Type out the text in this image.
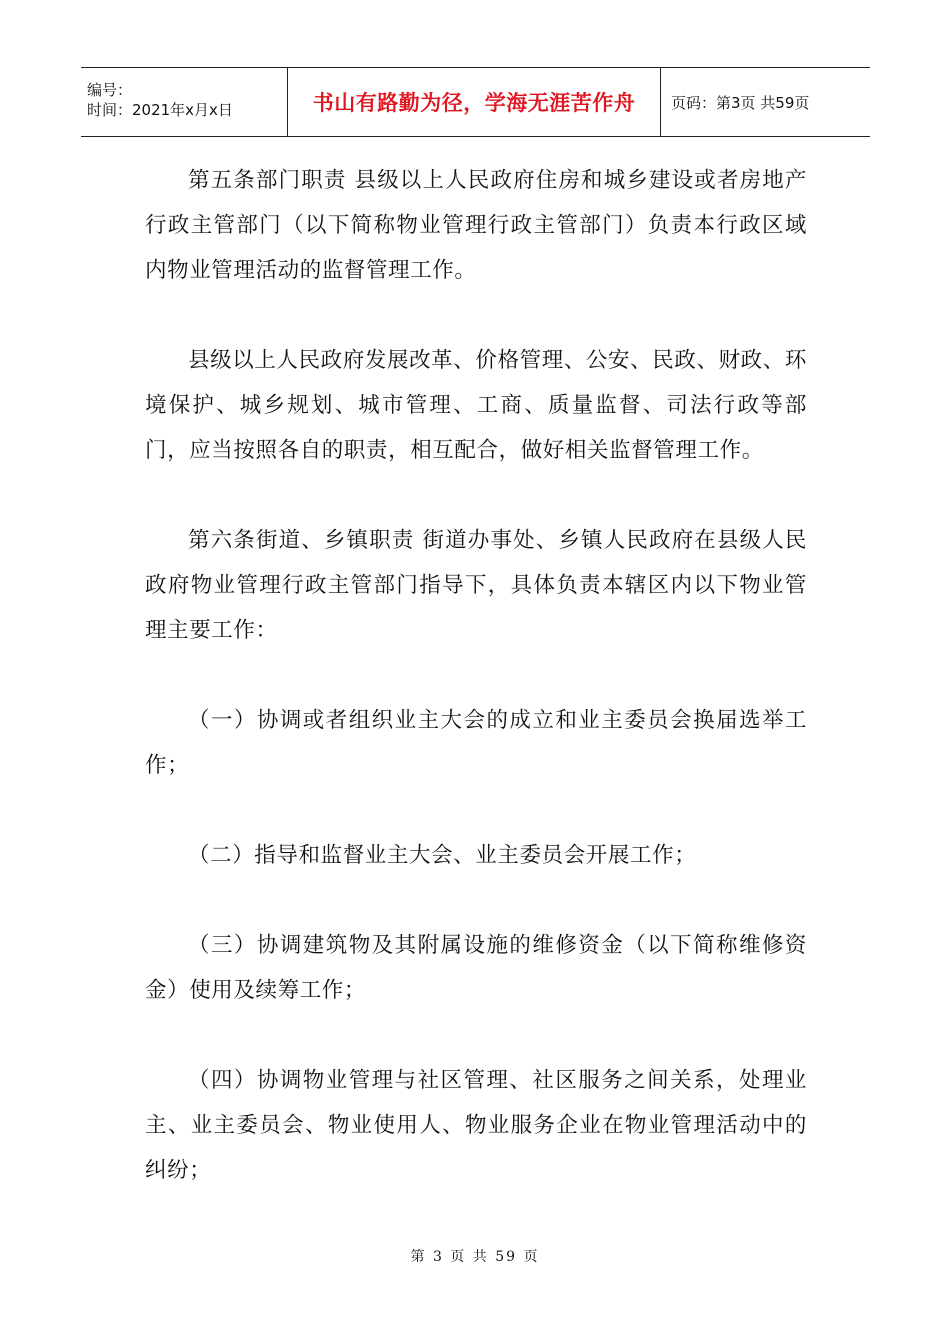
编号：
时间：2021年x月x日	书山有路勤为径，学海无涯苦作舟	页码：第3页 共59页

第五条部门职责 县级以上人民政府住房和城乡建设或者房地产行政主管部门（以下简称物业管理行政主管部门）负责本行政区域内物业管理活动的监督管理工作。

县级以上人民政府发展改革、价格管理、公安、民政、财政、环境保护、城乡规划、城市管理、工商、质量监督、司法行政等部门，应当按照各自的职责，相互配合，做好相关监督管理工作。

第六条街道、乡镇职责 街道办事处、乡镇人民政府在县级人民政府物业管理行政主管部门指导下，具体负责本辖区内以下物业管理主要工作：

（一）协调或者组织业主大会的成立和业主委员会换届选举工作；

（二）指导和监督业主大会、业主委员会开展工作；

（三）协调建筑物及其附属设施的维修资金（以下简称维修资金）使用及续筹工作；

（四）协调物业管理与社区管理、社区服务之间关系，处理业主、业主委员会、物业使用人、物业服务企业在物业管理活动中的纠纷；

第 3 页 共 59 页
